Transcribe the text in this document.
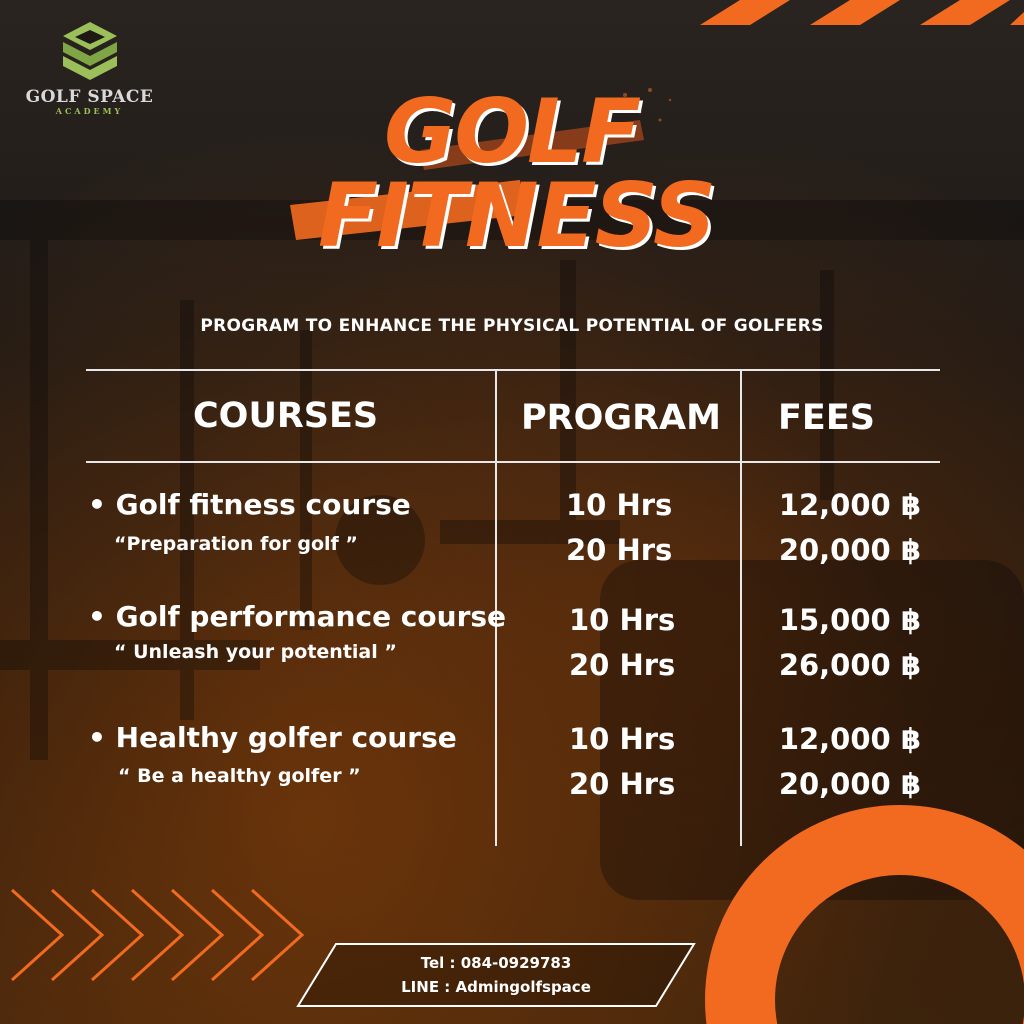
GOLF SPACE
ACADEMY	GOLF
FITNESS
PROGRAM TO ENHANCE THE PHYSICAL POTENTIAL OF GOLFERS
COURSES	PROGRAM FEES
• Golf fitness course
“Preparation for golf ”
10 Hrs
20 Hrs
12,000 ฿
20,000 ฿
• Golf performance course
“ Unleash your potential ”
10 Hrs
20 Hrs
15,000 ฿
26,000 ฿
• Healthy golfer course
“ Be a healthy golfer ”
10 Hrs
20 Hrs
12,000 ฿
20,000 ฿
Tel : 084-0929783
LINE : Admingolfspace
